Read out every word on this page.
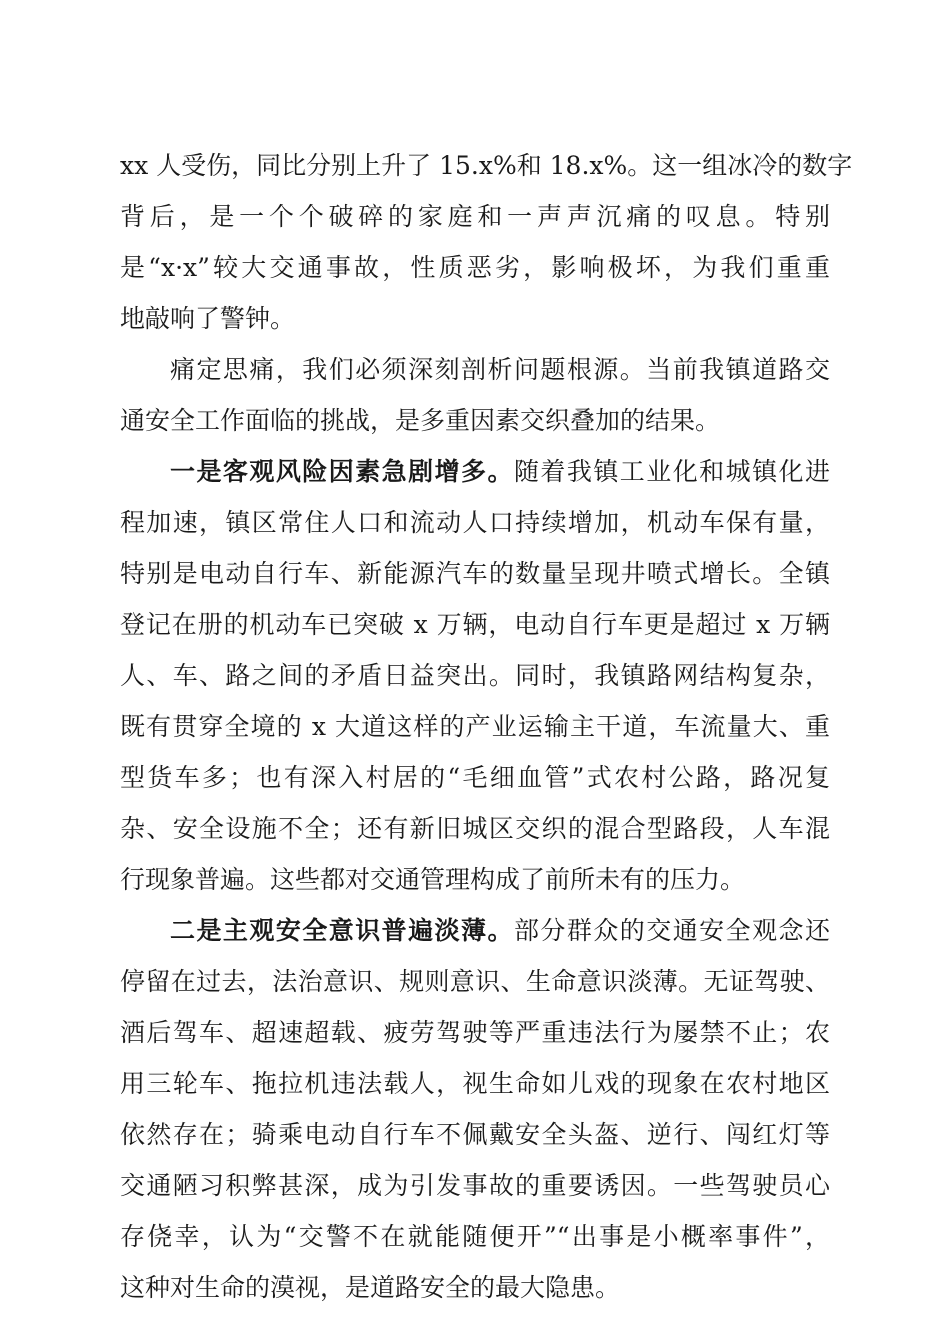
xx 人受伤，同比分别上升了 15.x%和 18.x%。这一组冰冷的数字
背后，是一个个破碎的家庭和一声声沉痛的叹息。特别
是“x·x”较大交通事故，性质恶劣，影响极坏，为我们重重
地敲响了警钟。
痛定思痛，我们必须深刻剖析问题根源。当前我镇道路交
通安全工作面临的挑战，是多重因素交织叠加的结果。
一是客观风险因素急剧增多。随着我镇工业化和城镇化进
程加速，镇区常住人口和流动人口持续增加，机动车保有量，
特别是电动自行车、新能源汽车的数量呈现井喷式增长。全镇
登记在册的机动车已突破 x 万辆，电动自行车更是超过 x 万辆
人、车、路之间的矛盾日益突出。同时，我镇路网结构复杂，
既有贯穿全境的 x 大道这样的产业运输主干道，车流量大、重
型货车多；也有深入村居的“毛细血管”式农村公路，路况复
杂、安全设施不全；还有新旧城区交织的混合型路段，人车混
行现象普遍。这些都对交通管理构成了前所未有的压力。
二是主观安全意识普遍淡薄。部分群众的交通安全观念还
停留在过去，法治意识、规则意识、生命意识淡薄。无证驾驶、
酒后驾车、超速超载、疲劳驾驶等严重违法行为屡禁不止；农
用三轮车、拖拉机违法载人，视生命如儿戏的现象在农村地区
依然存在；骑乘电动自行车不佩戴安全头盔、逆行、闯红灯等
交通陋习积弊甚深，成为引发事故的重要诱因。一些驾驶员心
存侥幸，认为“交警不在就能随便开”“出事是小概率事件”，
这种对生命的漠视，是道路安全的最大隐患。
